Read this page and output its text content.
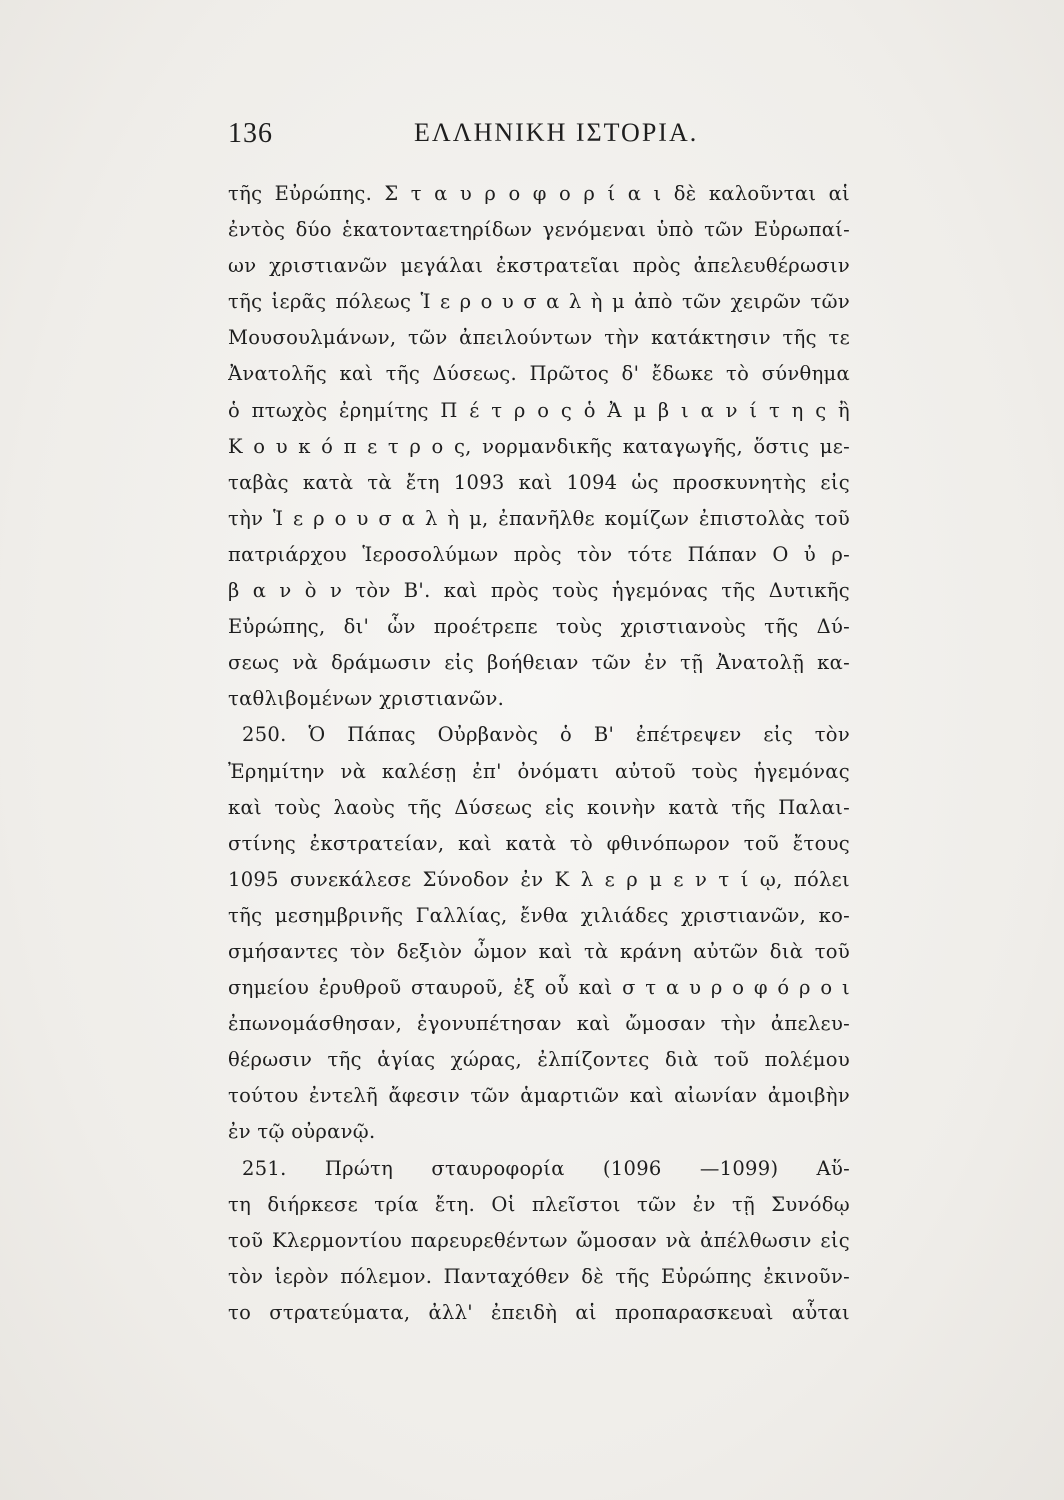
136	ΕΛΛΗΝΙΚΗ ΙΣΤΟΡΙΑ.
τῆς Εὐρώπης. Σ τ α υ ρ ο φ ο ρ ί α ι δὲ καλοῦνται αἱ
ἐντὸς δύο ἑκατονταετηρίδων γενόμεναι ὑπὸ τῶν Εὐρωπαί-
ων χριστιανῶν μεγάλαι ἐκστρατεῖαι πρὸς ἀπελευθέρωσιν
τῆς ἱερᾶς πόλεως Ἱ ε ρ ο υ σ α λ ὴ μ ἀπὸ τῶν χειρῶν τῶν
Μουσουλμάνων, τῶν ἀπειλούντων τὴν κατάκτησιν τῆς τε
Ἀνατολῆς καὶ τῆς Δύσεως. Πρῶτος δ' ἔδωκε τὸ σύνθημα
ὁ πτωχὸς ἐρημίτης Π έ τ ρ ο ς ὁ Ἀ μ β ι α ν ί τ η ς ἢ
Κ ο υ κ ό π ε τ ρ ο ς, νορμανδικῆς καταγωγῆς, ὅστις με-
ταβὰς κατὰ τὰ ἔτη 1093 καὶ 1094 ὡς προσκυνητὴς εἰς
τὴν Ἱ ε ρ ο υ σ α λ ὴ μ, ἐπανῆλθε κομίζων ἐπιστολὰς τοῦ
πατριάρχου Ἱεροσολύμων πρὸς τὸν τότε Πάπαν Ο ὐ ρ-
β α ν ὸ ν τὸν Β'. καὶ πρὸς τοὺς ἡγεμόνας τῆς Δυτικῆς
Εὐρώπης, δι' ὧν προέτρεπε τοὺς χριστιανοὺς τῆς Δύ-
σεως νὰ δράμωσιν εἰς βοήθειαν τῶν ἐν τῇ Ἀνατολῇ κα-
ταθλιβομένων χριστιανῶν.
250. Ὁ Πάπας Οὐρβανὸς ὁ Β' ἐπέτρεψεν εἰς τὸν
Ἐρημίτην νὰ καλέσῃ ἐπ' ὀνόματι αὐτοῦ τοὺς ἡγεμόνας
καὶ τοὺς λαοὺς τῆς Δύσεως εἰς κοινὴν κατὰ τῆς Παλαι-
στίνης ἐκστρατείαν, καὶ κατὰ τὸ φθινόπωρον τοῦ ἔτους
1095 συνεκάλεσε Σύνοδον ἐν Κ λ ε ρ μ ε ν τ ί ῳ, πόλει
τῆς μεσημβρινῆς Γαλλίας, ἔνθα χιλιάδες χριστιανῶν, κο-
σμήσαντες τὸν δεξιὸν ὦμον καὶ τὰ κράνη αὐτῶν διὰ τοῦ
σημείου ἐρυθροῦ σταυροῦ, ἐξ οὗ καὶ σ τ α υ ρ ο φ ό ρ ο ι
ἐπωνομάσθησαν, ἐγονυπέτησαν καὶ ὤμοσαν τὴν ἀπελευ-
θέρωσιν τῆς ἁγίας χώρας, ἐλπίζοντες διὰ τοῦ πολέμου
τούτου ἐντελῆ ἄφεσιν τῶν ἁμαρτιῶν καὶ αἰωνίαν ἀμοιβὴν
ἐν τῷ οὐρανῷ.
251. Πρώτη σταυροφορία (1096 —1099) Αὕ-
τη διήρκεσε τρία ἔτη. Οἱ πλεῖστοι τῶν ἐν τῇ Συνόδῳ
τοῦ Κλερμοντίου παρευρεθέντων ὤμοσαν νὰ ἀπέλθωσιν εἰς
τὸν ἱερὸν πόλεμον. Πανταχόθεν δὲ τῆς Εὐρώπης ἐκινοῦν-
το στρατεύματα, ἀλλ' ἐπειδὴ αἱ προπαρασκευαὶ αὗται
